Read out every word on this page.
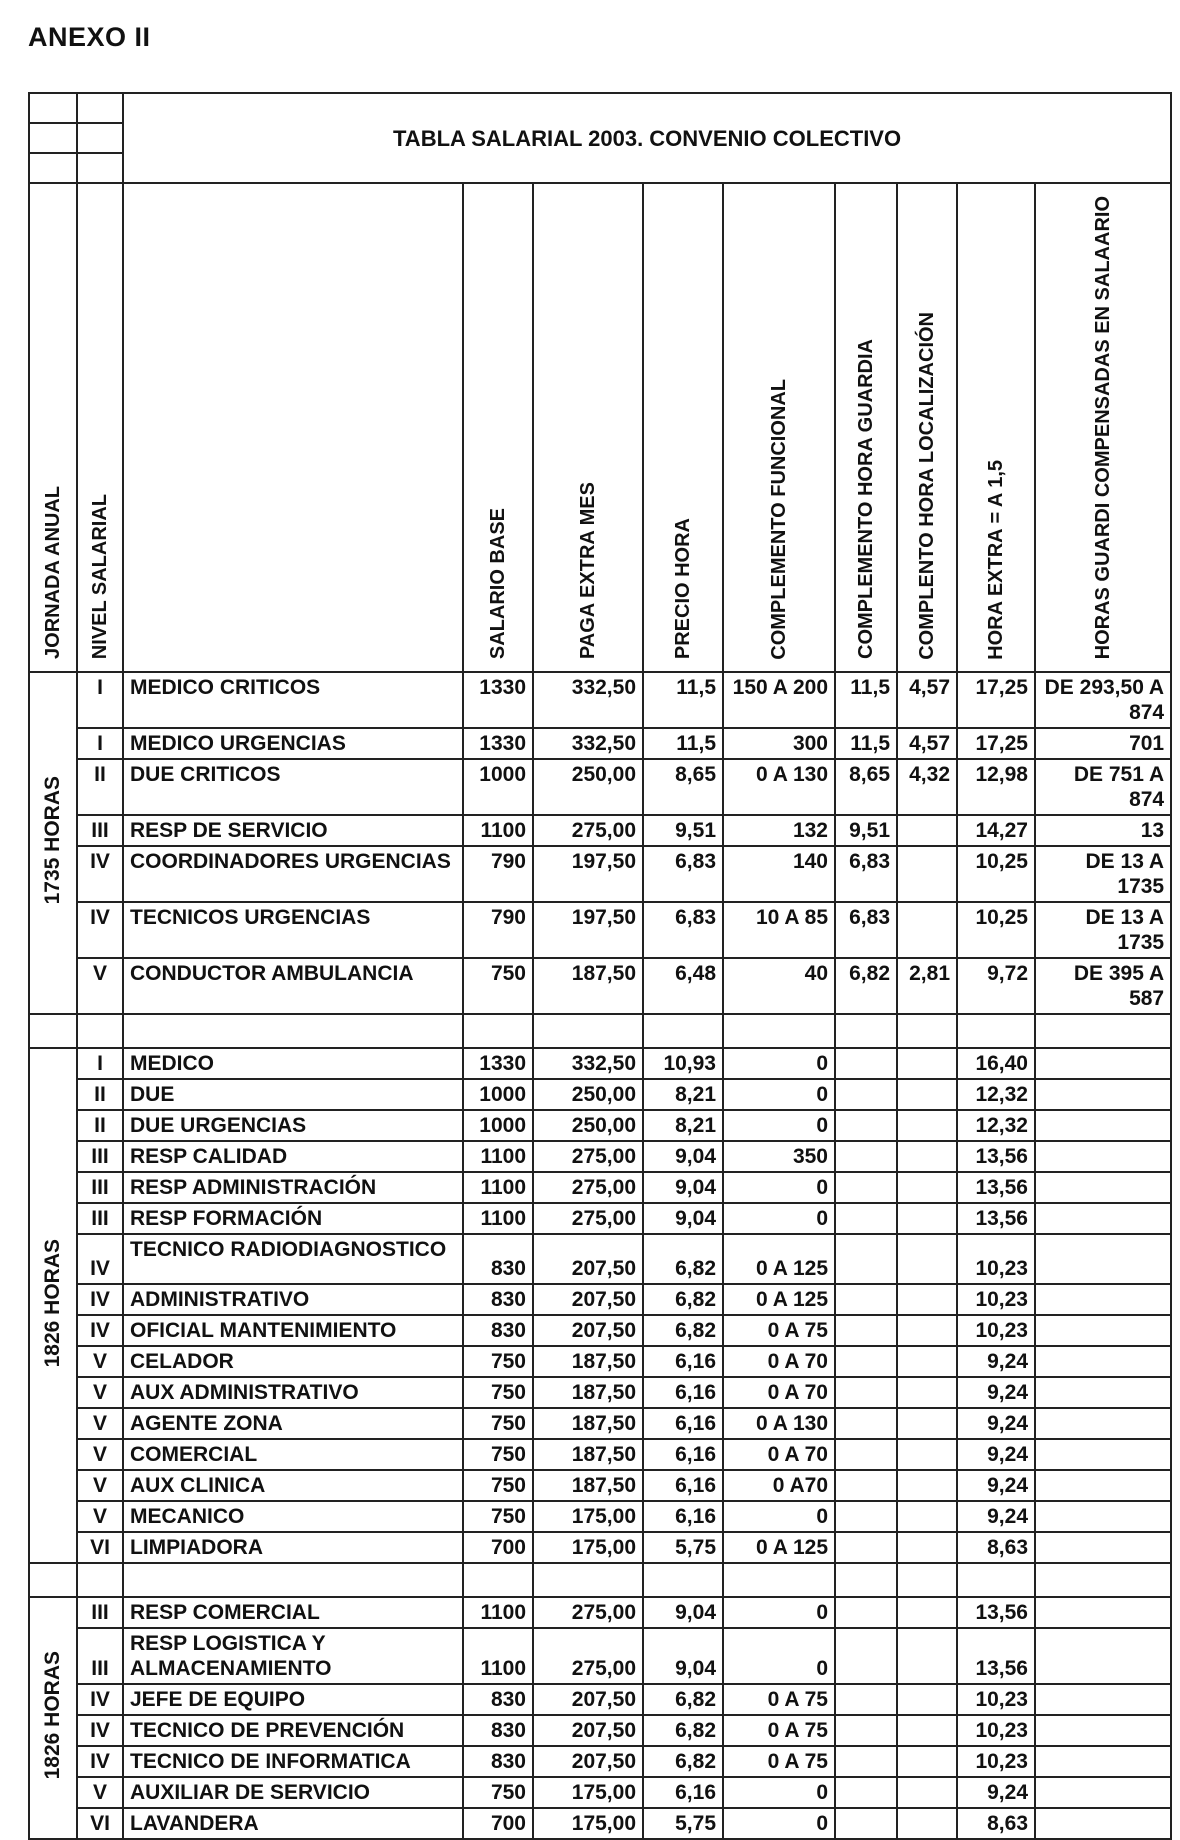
ANEXO II
		TABLA SALARIAL 2003. CONVENIO COLECTIVO								

JORNADA ANUAL	NIVEL SALARIAL		SALARIO BASE	PAGA EXTRA MES	PRECIO HORA	COMPLEMENTO FUNCIONAL	COMPLEMENTO HORA GUARDIA	COMPLENTO HORA LOCALIZACIÓN	HORA EXTRA = A 1,5	HORAS GUARDI COMPENSADAS EN SALAARIO

1735 HORAS	I	MEDICO CRITICOS	1330	332,50	11,5	150 A 200	11,5	4,57	17,25	DE 293,50 A 874
	I	MEDICO URGENCIAS	1330	332,50	11,5	300	11,5	4,57	17,25	701
	II	DUE CRITICOS	1000	250,00	8,65	0 A 130	8,65	4,32	12,98	DE 751 A 874
	III	RESP DE SERVICIO	1100	275,00	9,51	132	9,51		14,27	13
	IV	COORDINADORES URGENCIAS	790	197,50	6,83	140	6,83		10,25	DE 13 A 1735
	IV	TECNICOS URGENCIAS	790	197,50	6,83	10 A 85	6,83		10,25	DE 13 A 1735
	V	CONDUCTOR AMBULANCIA	750	187,50	6,48	40	6,82	2,81	9,72	DE 395 A 587

1826 HORAS	I	MEDICO	1330	332,50	10,93	0			16,40	
	II	DUE	1000	250,00	8,21	0			12,32	
	II	DUE URGENCIAS	1000	250,00	8,21	0			12,32	
	III	RESP CALIDAD	1100	275,00	9,04	350			13,56	
	III	RESP ADMINISTRACIÓN	1100	275,00	9,04	0			13,56	
	III	RESP FORMACIÓN	1100	275,00	9,04	0			13,56	
	IV	TECNICO RADIODIAGNOSTICO	830	207,50	6,82	0 A 125			10,23	
	IV	ADMINISTRATIVO	830	207,50	6,82	0 A 125			10,23	
	IV	OFICIAL MANTENIMIENTO	830	207,50	6,82	0 A 75			10,23	
	V	CELADOR	750	187,50	6,16	0 A 70			9,24	
	V	AUX ADMINISTRATIVO	750	187,50	6,16	0 A 70			9,24	
	V	AGENTE ZONA	750	187,50	6,16	0 A 130			9,24	
	V	COMERCIAL	750	187,50	6,16	0 A 70			9,24	
	V	AUX CLINICA	750	187,50	6,16	0 A70			9,24	
	V	MECANICO	750	175,00	6,16	0			9,24	
	VI	LIMPIADORA	700	175,00	5,75	0 A 125			8,63	

1826 HORAS	III	RESP COMERCIAL	1100	275,00	9,04	0			13,56	
	III	RESP LOGISTICA Y ALMACENAMIENTO	1100	275,00	9,04	0			13,56	
	IV	JEFE DE EQUIPO	830	207,50	6,82	0 A 75			10,23	
	IV	TECNICO DE PREVENCIÓN	830	207,50	6,82	0 A 75			10,23	
	IV	TECNICO DE INFORMATICA	830	207,50	6,82	0 A 75			10,23	
	V	AUXILIAR DE SERVICIO	750	175,00	6,16	0			9,24	
	VI	LAVANDERA	700	175,00	5,75	0			8,63	
